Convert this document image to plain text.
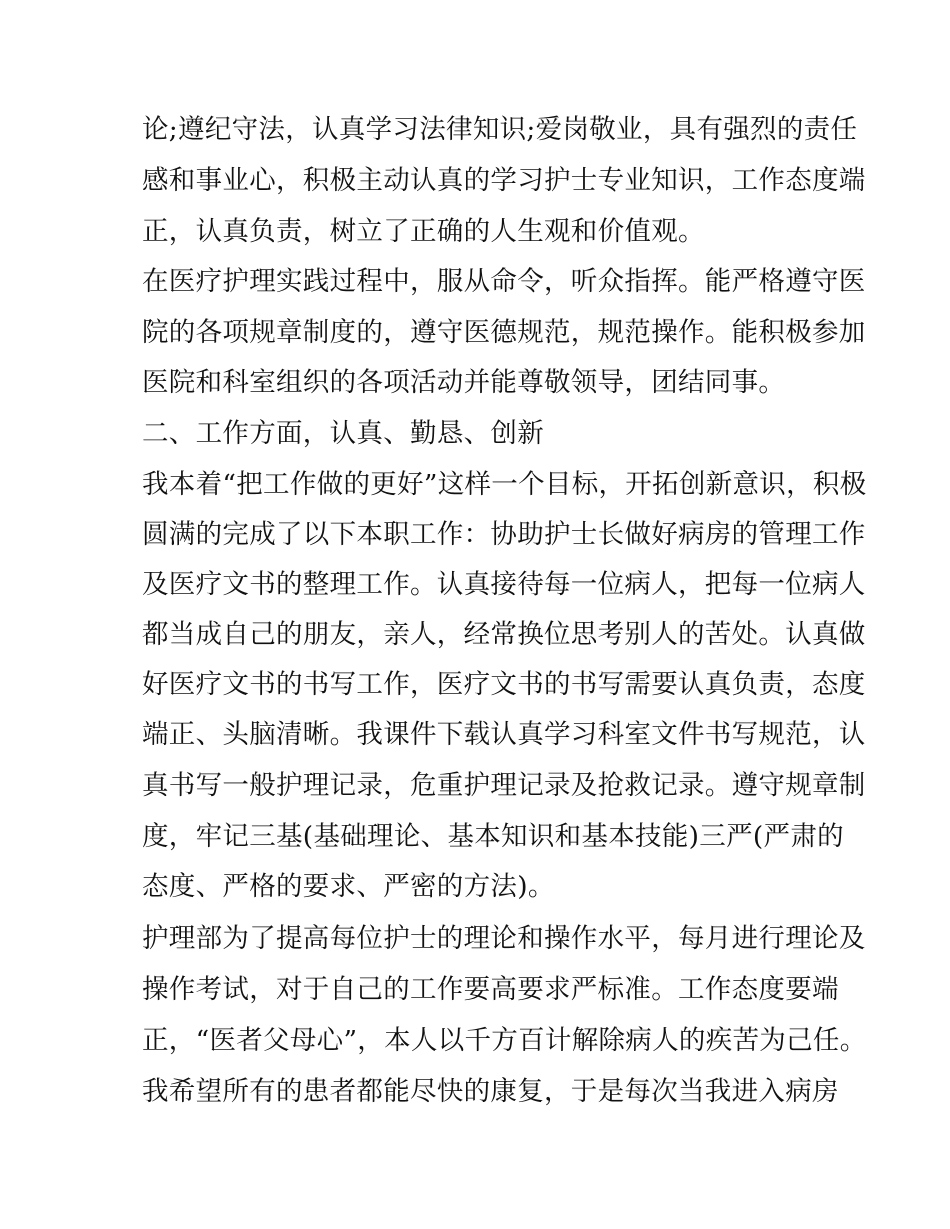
论;遵纪守法，认真学习法律知识;爱岗敬业，具有强烈的责任
感和事业心，积极主动认真的学习护士专业知识，工作态度端
正，认真负责，树立了正确的人生观和价值观。
在医疗护理实践过程中，服从命令，听众指挥。能严格遵守医
院的各项规章制度的，遵守医德规范，规范操作。能积极参加
医院和科室组织的各项活动并能尊敬领导，团结同事。
二、工作方面，认真、勤恳、创新
我本着“把工作做的更好”这样一个目标，开拓创新意识，积极
圆满的完成了以下本职工作：协助护士长做好病房的管理工作
及医疗文书的整理工作。认真接待每一位病人，把每一位病人
都当成自己的朋友，亲人，经常换位思考别人的苦处。认真做
好医疗文书的书写工作，医疗文书的书写需要认真负责，态度
端正、头脑清晰。我课件下载认真学习科室文件书写规范，认
真书写一般护理记录，危重护理记录及抢救记录。遵守规章制
度，牢记三基(基础理论、基本知识和基本技能)三严(严肃的
态度、严格的要求、严密的方法)。
护理部为了提高每位护士的理论和操作水平，每月进行理论及
操作考试，对于自己的工作要高要求严标准。工作态度要端
正，“医者父母心”，本人以千方百计解除病人的疾苦为己任。
我希望所有的患者都能尽快的康复，于是每次当我进入病房
